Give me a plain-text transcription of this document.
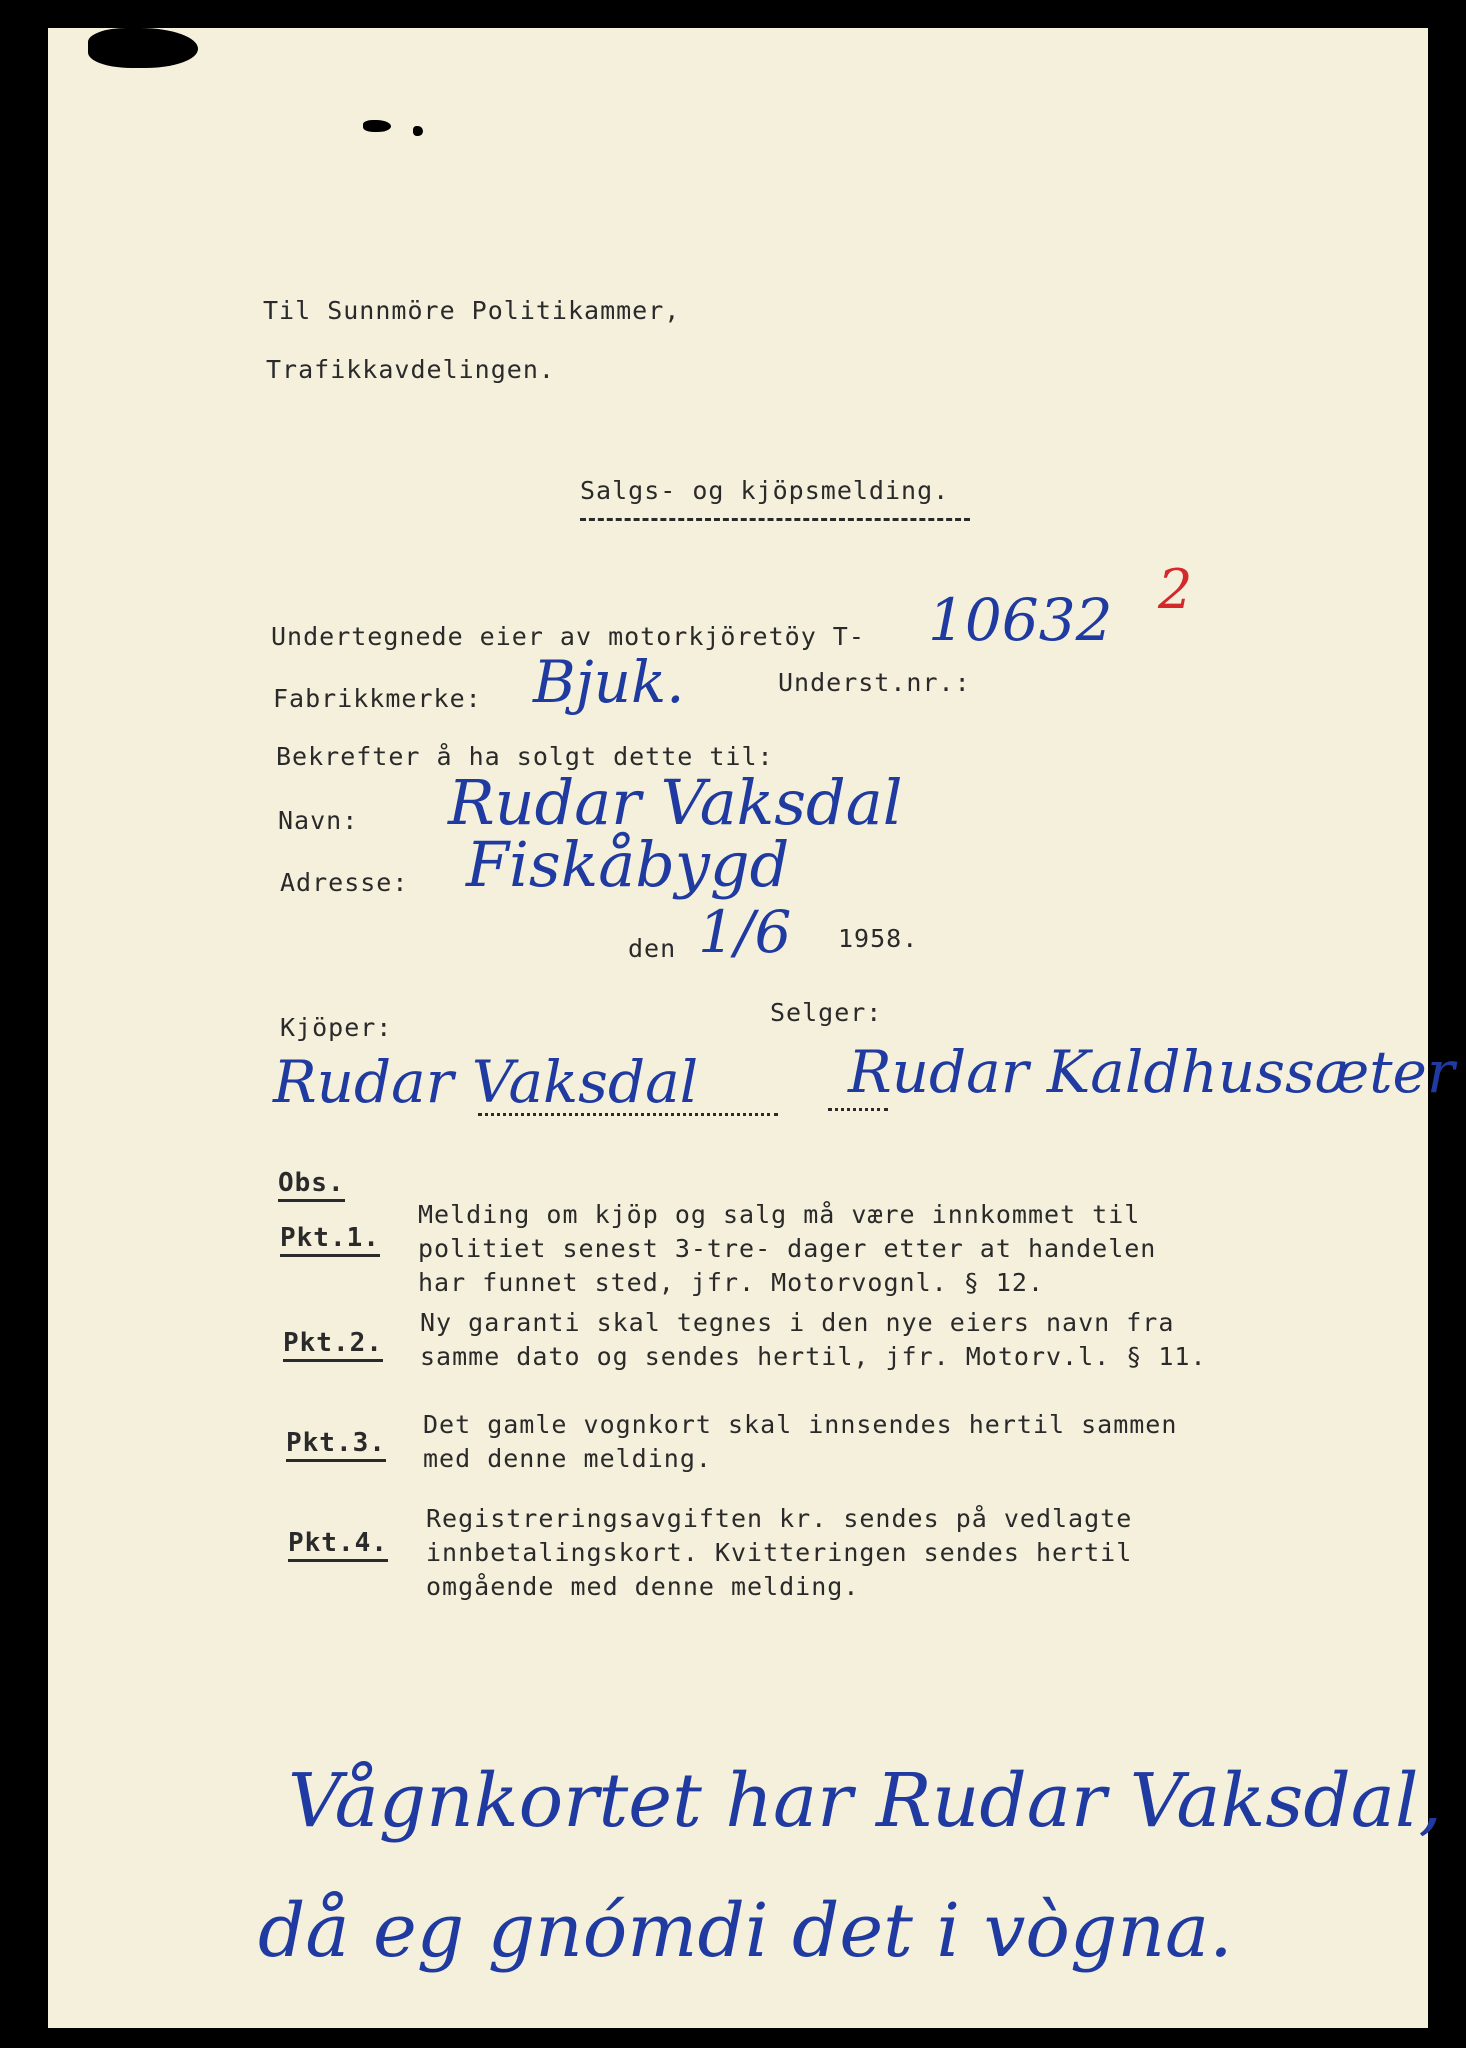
Til Sunnmöre Politikammer,
Trafikkavdelingen.
Salgs- og kjöpsmelding.
Undertegnede eier av motorkjöretöy T- 10632 2
Fabrikkmerke: Bjuk.	Underst.nr.:
Bekrefter å ha solgt dette til:
Navn: Rudar Vaksdal
Adresse: Fiskåbygd
den 1/6 1958.
Kjöper:
Selger:
Rudar Vaksdal	Rudar Kaldhussæter
Obs.
Pkt.1.
Melding om kjöp og salg må være innkommet til
politiet senest 3-tre- dager etter at handelen
har funnet sted, jfr. Motorvognl. § 12.
Pkt.2.
Ny garanti skal tegnes i den nye eiers navn fra
samme dato og sendes hertil, jfr. Motorv.l. § 11.
Pkt.3.
Det gamle vognkort skal innsendes hertil sammen
med denne melding.
Pkt.4.
Registreringsavgiften kr. sendes på vedlagte
innbetalingskort. Kvitteringen sendes hertil
omgående med denne melding.
Vågnkortet har Rudar Vaksdal,
då eg gnómdi det i vògna.
